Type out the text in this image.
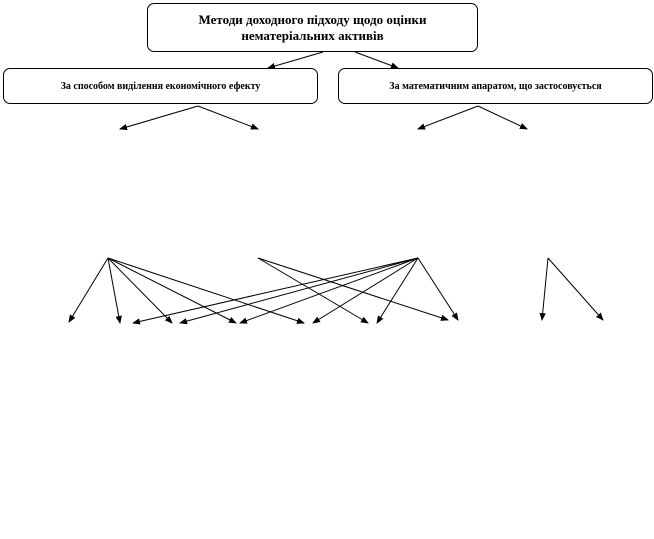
Методи доходного підходу щодо оцінки
нематеріальних активів
За способом виділення економічного ефекту	За математичним апаратом, що застосовується
